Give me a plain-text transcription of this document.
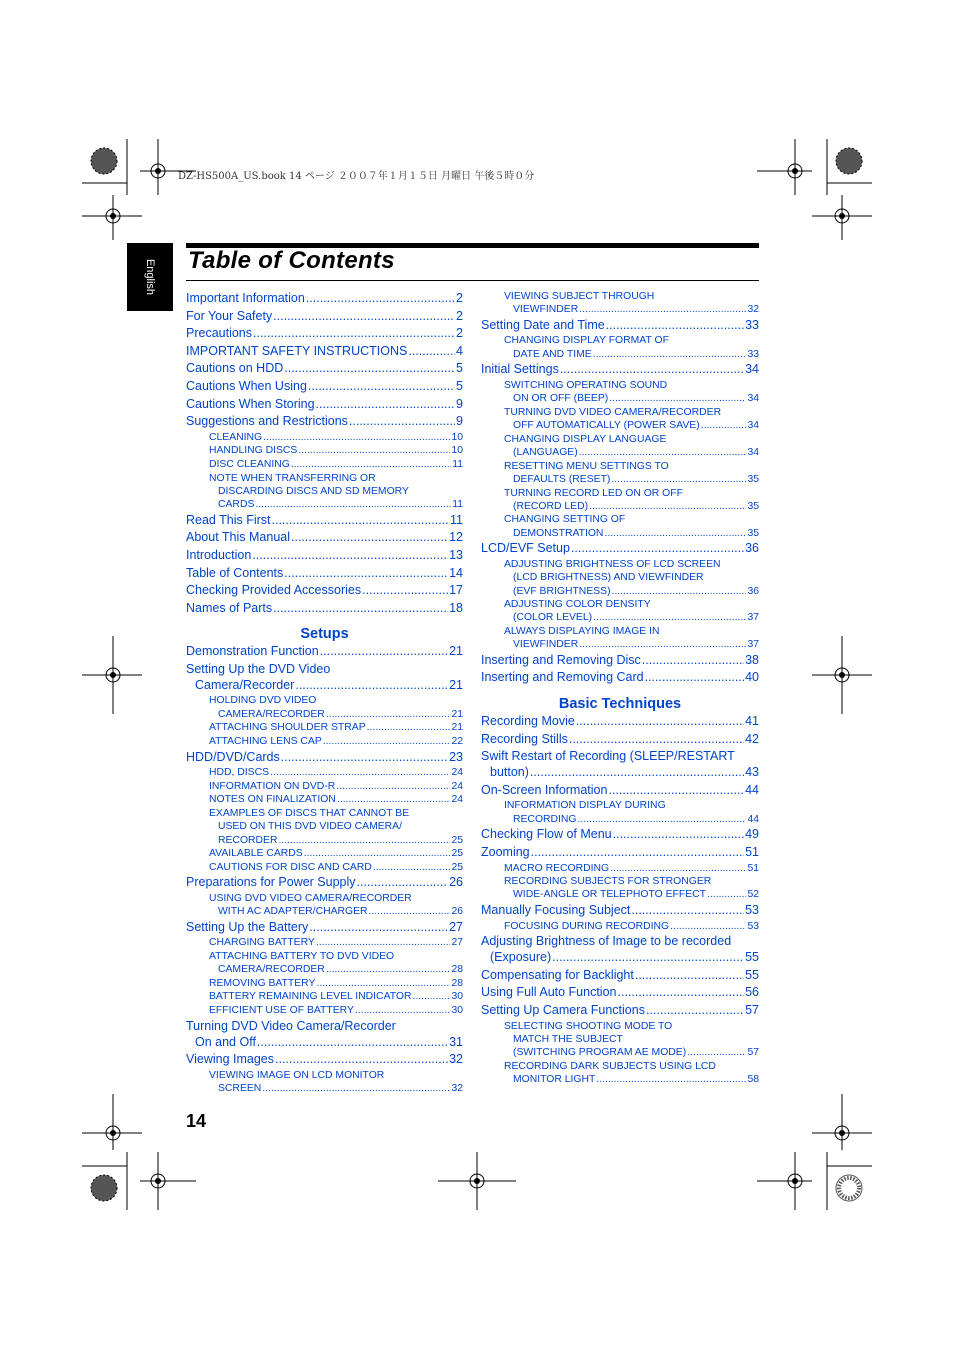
DZ-HS500A_US.book 14 ページ ２００７年１月１５日 月曜日 午後５時０分
English Table of Contents
Important Information .....	2
For Your Safety .....	2
Precautions .....	2
IMPORTANT SAFETY INSTRUCTIONS .....	4
Cautions on HDD .....	5
Cautions When Using .....	5
Cautions When Storing .....	9
Suggestions and Restrictions .....	9
CLEANING .....	10
HANDLING DISCS .....	10
DISC CLEANING .....	11
NOTE WHEN TRANSFERRING OR
DISCARDING DISCS AND SD MEMORY
CARDS .....	11
Read This First .....	11
About This Manual .....	12
Introduction .....	13
Table of Contents .....	14
Checking Provided Accessories .....	17
Names of Parts .....	18
Setups
Demonstration Function .....	21
Setting Up the DVD Video
Camera/Recorder .....	21
HOLDING DVD VIDEO
CAMERA/RECORDER .....	21
ATTACHING SHOULDER STRAP .....	21
ATTACHING LENS CAP .....	22
HDD/DVD/Cards .....	23
HDD, DISCS .....	24
INFORMATION ON DVD-R .....	24
NOTES ON FINALIZATION .....	24
EXAMPLES OF DISCS THAT CANNOT BE
USED ON THIS DVD VIDEO CAMERA/
RECORDER .....	25
AVAILABLE CARDS .....	25
CAUTIONS FOR DISC AND CARD .....	25
Preparations for Power Supply .....	26
USING DVD VIDEO CAMERA/RECORDER
WITH AC ADAPTER/CHARGER .....	26
Setting Up the Battery .....	27
CHARGING BATTERY .....	27
ATTACHING BATTERY TO DVD VIDEO
CAMERA/RECORDER .....	28
REMOVING BATTERY .....	28
BATTERY REMAINING LEVEL INDICATOR .....	30
EFFICIENT USE OF BATTERY .....	30
Turning DVD Video Camera/Recorder
On and Off .....	31
Viewing Images .....	32
VIEWING IMAGE ON LCD MONITOR
SCREEN .....	32
VIEWING SUBJECT THROUGH
VIEWFINDER .....	32
Setting Date and Time .....	33
CHANGING DISPLAY FORMAT OF
DATE AND TIME .....	33
Initial Settings .....	34
SWITCHING OPERATING SOUND
ON OR OFF (BEEP) .....	34
TURNING DVD VIDEO CAMERA/RECORDER
OFF AUTOMATICALLY (POWER SAVE) .....	34
CHANGING DISPLAY LANGUAGE
(LANGUAGE) .....	34
RESETTING MENU SETTINGS TO
DEFAULTS (RESET) .....	35
TURNING RECORD LED ON OR OFF
(RECORD LED) .....	35
CHANGING SETTING OF
DEMONSTRATION .....	35
LCD/EVF Setup .....	36
ADJUSTING BRIGHTNESS OF LCD SCREEN
(LCD BRIGHTNESS) AND VIEWFINDER
(EVF BRIGHTNESS) .....	36
ADJUSTING COLOR DENSITY
(COLOR LEVEL) .....	37
ALWAYS DISPLAYING IMAGE IN
VIEWFINDER .....	37
Inserting and Removing Disc .....	38
Inserting and Removing Card .....	40
Basic Techniques
Recording Movie .....	41
Recording Stills .....	42
Swift Restart of Recording (SLEEP/RESTART
button) .....	43
On-Screen Information .....	44
INFORMATION DISPLAY DURING
RECORDING .....	44
Checking Flow of Menu .....	49
Zooming .....	51
MACRO RECORDING .....	51
RECORDING SUBJECTS FOR STRONGER
WIDE-ANGLE OR TELEPHOTO EFFECT .....	52
Manually Focusing Subject .....	53
FOCUSING DURING RECORDING .....	53
Adjusting Brightness of Image to be recorded
(Exposure) .....	55
Compensating for Backlight .....	55
Using Full Auto Function .....	56
Setting Up Camera Functions .....	57
SELECTING SHOOTING MODE TO
MATCH THE SUBJECT
(SWITCHING PROGRAM AE MODE) .....	57
RECORDING DARK SUBJECTS USING LCD
MONITOR LIGHT .....	58
14
